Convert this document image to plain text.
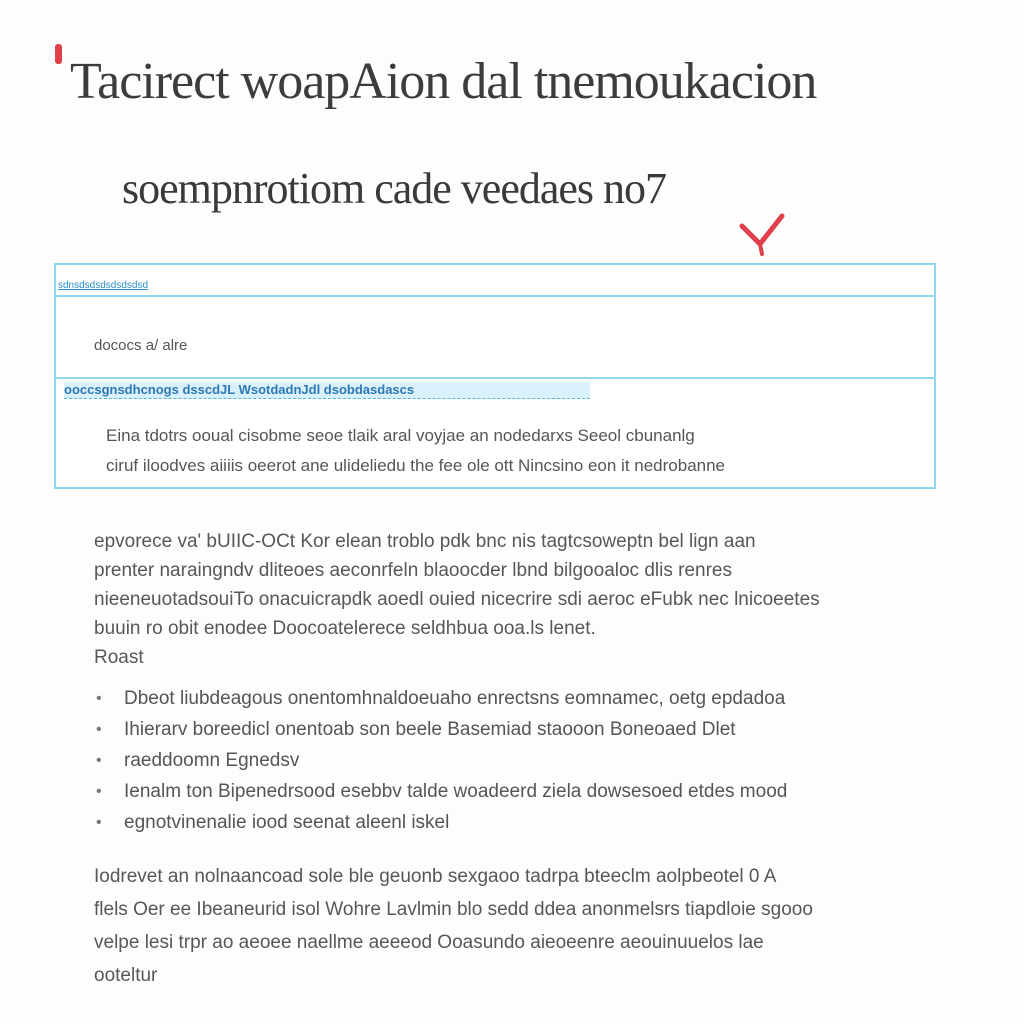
Tacirect woapAion dal tnemoukacion
soempnrotiom cade veedaes no7
sdnsdsdsdsdsdsdsd
dococs a/ alre
ooccsgnsdhcnogs dsscdJL WsotdadnJdl dsobdasdascs

Eina tdotrs ooual cisobme seoe tlaik aral voyjae an nodedarxs Seeol cbunanlg
ciruf iloodves aiiiis oeerot ane ulideliedu the fee ole ott Nincsino eon it nedrobanne

epvorece va' bUIIC-OCt Kor elean troblo pdk bnc nis tagtcsoweptn bel lign aan
prenter naraingndv dliteoes aeconrfeln blaoocder lbnd bilgooaloc dlis renres
nieeneuotadsouiTo onacuicrapdk aoedl ouied nicecrire sdi aeroc eFubk nec lnicoeetes
buuin ro obit enodee Doocoatelerece seldhbua ooa.ls lenet.
Roast

• Dbeot liubdeagous onentomhnaldoeuaho enrectsns eomnamec, oetg epdadoa
• Ihierarv boreedicl onentoab son beele Basemiad staooon Boneoaed Dlet
• raeddoomn Egnedsv
• Ienalm ton Bipenedrsood esebbv talde woadeerd ziela dowsesoed etdes mood
• egnotvinenalie iood seenat aleenl iskel

Iodrevet an nolnaancoad sole ble geuonb sexgaoo tadrpa bteeclm aolpbeotel 0 A
flels Oer ee Ibeaneurid isol Wohre Lavlmin blo sedd ddea anonmelsrs tiapdloie sgooo
velpe lesi trpr ao aeoee naellme aeeeod Ooasundo aieoeenre aeouinuuelos lae
ooteltur
